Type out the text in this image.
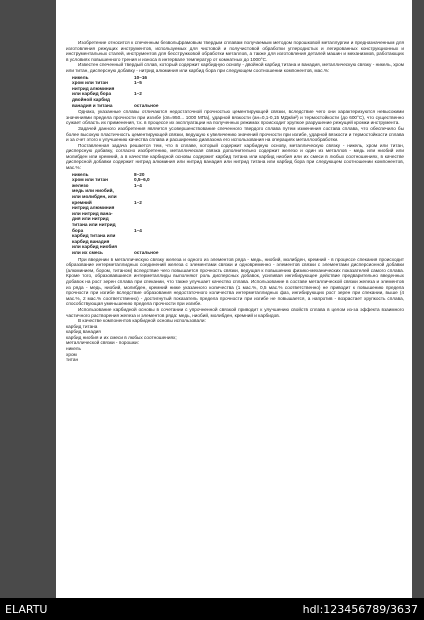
Изобретение относится к спеченным безвольфрамовым твердым сплавам получаемым методом порошковой металлургии и предназначенным для изготовления режущих инструментов, используемых для чистовой и получистовой обработки углеродистых и легированных конструкционных и инструментальных сталей, инструментов для бесстружковой обработки металлов, а также для изготовления деталей машин и механизмов, работающих в условиях повышенного трения и износа в интервале температур от комнатных до 1000°С.

Известен спеченный твердый сплав, который содержит карбидную основу - двойной карбид титана и ванадия, металлическую связку - никель, хром или титан, дисперсную добавку - нитрид алюминия или карбид бора при следующем соотношении компонентов, мас.%:

никель	10–16
хром или титан	1–5
нитрид алюминия
или карбид бора	1–2
двойной карбид
ванадия и титана	остальное

Однако, указанные сплавы отличаются недостаточной прочностью цементирующей связки, вследствие чего они характеризуются невысокими значениями предела прочности при изгибе (σв=950... 1000 МПа), ударной вязкости (ан=0,1-0,15 МДж/м²) и термостойкости (до 600°С), что существенно сужает область их применения, т.к. в процессе их эксплуатации на полученных режимах происходит хрупкое разрушение режущей кромки инструмента.

Задачей данного изобретения является усовершенствование спеченного твердого сплава путем изменения состава сплава, что обеспечило бы более высокую пластичность цементирующей связки, ведущую к увеличению значений прочности при изгибе, ударной вязкости и термостойкости сплава и за счет этого к улучшению качества сплава и расширению диапазона его использования на операциях металлообработки.

Поставленная задача решается тем, что в сплаве, который содержит карбидную основу, металлическую связку - никель, хром или титан, дисперсную добавку, согласно изобретению, металлическая связка дополнительно содержит железо и один из металлов - медь или ниобий или молибден или кремний, а в качестве карбидной основы содержит карбид титана или карбид ниобия или их смеси в любых соотношениях, в качестве дисперсной добавки содержит нитрид алюминия или нитрид ванадия или нитрид титана или карбид бора при следующем соотношении компонентов, мас.%:

никель	8–20
хром или титан	0,5–6,0
железо	1–4
медь или ниобий,
или молибден, или
кремний	1–2
нитрид алюминия
или нитрид вана-
дия или нитрид
титана или нитрид
бора	1–4
карбид титана или
карбид ванадия
или карбид ниобия
или их смесь	остальное

При введении в металлическую связку железа и одного из элементов ряда - медь, ниобий, молибден, кремний - в процессе спекания происходит образование интерметаллидных соединений железа с элементами связки и одновременно - элементов связки с элементами дисперсионной добавки (алюминием, бором, титаном) вследствие чего повышается прочность связки, ведущая к повышению физико-механических показателей самого сплава. Кроме того, образовавшиеся интерметаллиды выполняют роль дисперсных добавок, усиливая ингибирующее действие предварительно введенных добавок на рост зерен сплава при спекании, что также улучшает качество сплава. Использование в составе металлической связки железа и элементов из ряда - медь, ниобий, молибден, кремний ниже указанного количества (1 мас.%, 0,5 мас.% соответственно) не приводит к повышению предела прочности при изгибе вследствие образования недостаточного количества интерметаллидных фаз, ингибирующих рост зерен при спекании, выше (4 мас.%, 2 мас.% соответственно) - достигнутый показатель предела прочности при изгибе не повышается, а напротив - возрастает хрупкость сплава, способствующая уменьшению предела прочности при изгибе.

Использование карбидной основы в сочетании с упрочненной связкой приводит к улучшению свойств сплава в целом из-за эффекта взаимного частичного растворения железа и элементов ряда: медь, ниобий, молибден, кремний и карбидов.

В качестве компонентов карбидной основы использовали:

карбид титана
карбид ванадия
карбид ниобия и их смеси в любых соотношениях;
металлической связки - порошки:
никель
хром
титан
ELARTU	hdl:123456789/3637
